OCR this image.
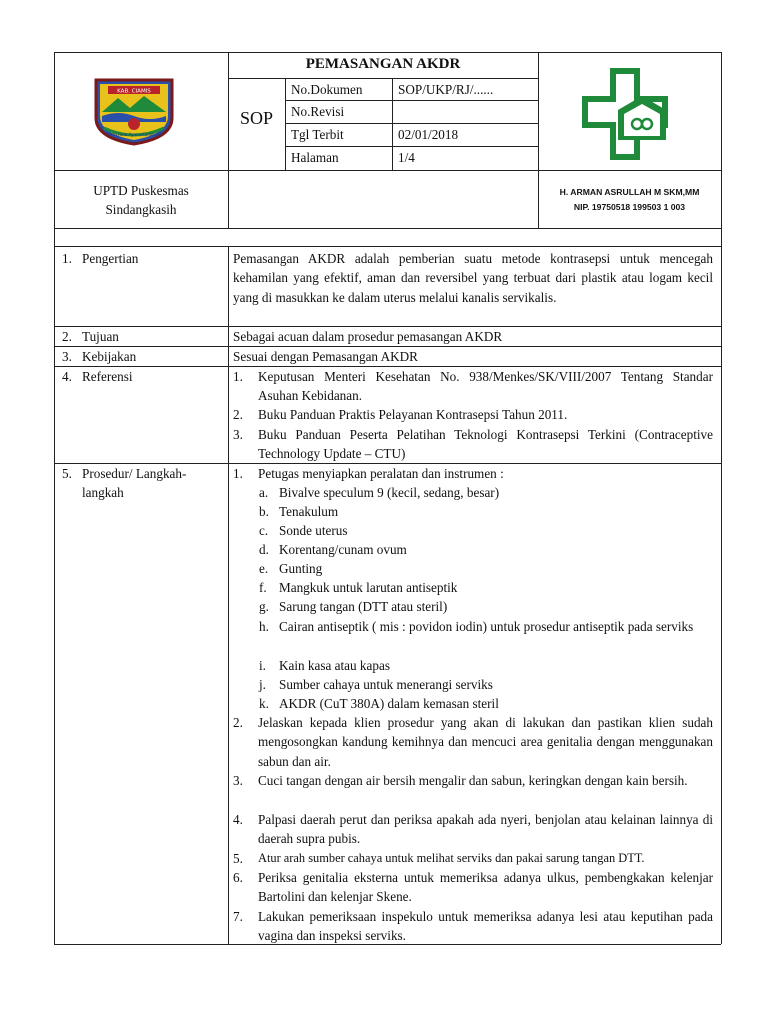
PEMASANGAN AKDR
SOP
No.Dokumen	SOP/UKP/RJ/......
No.Revisi
Tgl Terbit	02/01/2018
Halaman	1/4
KAB. CIAMIS
Mahayuna Ayuna Kadatuan
UPTD Puskesmas
Sindangkasih
H. ARMAN ASRULLAH M SKM,MM
NIP. 19750518 199503 1 003
1. Pengertian	Pemasangan AKDR adalah pemberian suatu metode kontrasepsi untuk mencegah kehamilan yang efektif, aman dan reversibel yang terbuat dari plastik atau logam kecil yang di masukkan ke dalam uterus melalui kanalis servikalis.
2. Tujuan	Sebagai acuan dalam prosedur pemasangan AKDR
3. Kebijakan	Sesuai dengan Pemasangan AKDR
4. Referensi	1. Keputusan Menteri Kesehatan No. 938/Menkes/SK/VIII/2007 Tentang Standar Asuhan Kebidanan.
2. Buku Panduan Praktis Pelayanan Kontrasepsi Tahun 2011.
3. Buku Panduan Peserta Pelatihan Teknologi Kontrasepsi Terkini (Contraceptive Technology Update – CTU)
5. Prosedur/ Langkah-
langkah
1. Petugas menyiapkan peralatan dan instrumen :
a. Bivalve speculum 9 (kecil, sedang, besar)
b. Tenakulum
c. Sonde uterus
d. Korentang/cunam ovum
e. Gunting
f. Mangkuk untuk larutan antiseptik
g. Sarung tangan (DTT atau steril)
h. Cairan antiseptik ( mis : povidon iodin) untuk prosedur antiseptik pada serviks
i. Kain kasa atau kapas
j. Sumber cahaya untuk menerangi serviks
k. AKDR (CuT 380A) dalam kemasan steril
2. Jelaskan kepada klien prosedur yang akan di lakukan dan pastikan klien sudah mengosongkan kandung kemihnya dan mencuci area genitalia dengan menggunakan sabun dan air.
3. Cuci tangan dengan air bersih mengalir dan sabun, keringkan dengan kain bersih.
4. Palpasi daerah perut dan periksa apakah ada nyeri, benjolan atau kelainan lainnya di daerah supra pubis.
5. Atur arah sumber cahaya untuk melihat serviks dan pakai sarung tangan DTT.
6. Periksa genitalia eksterna untuk memeriksa adanya ulkus, pembengkakan kelenjar Bartolini dan kelenjar Skene.
7. Lakukan pemeriksaan inspekulo untuk memeriksa adanya lesi atau keputihan pada vagina dan inspeksi serviks.
